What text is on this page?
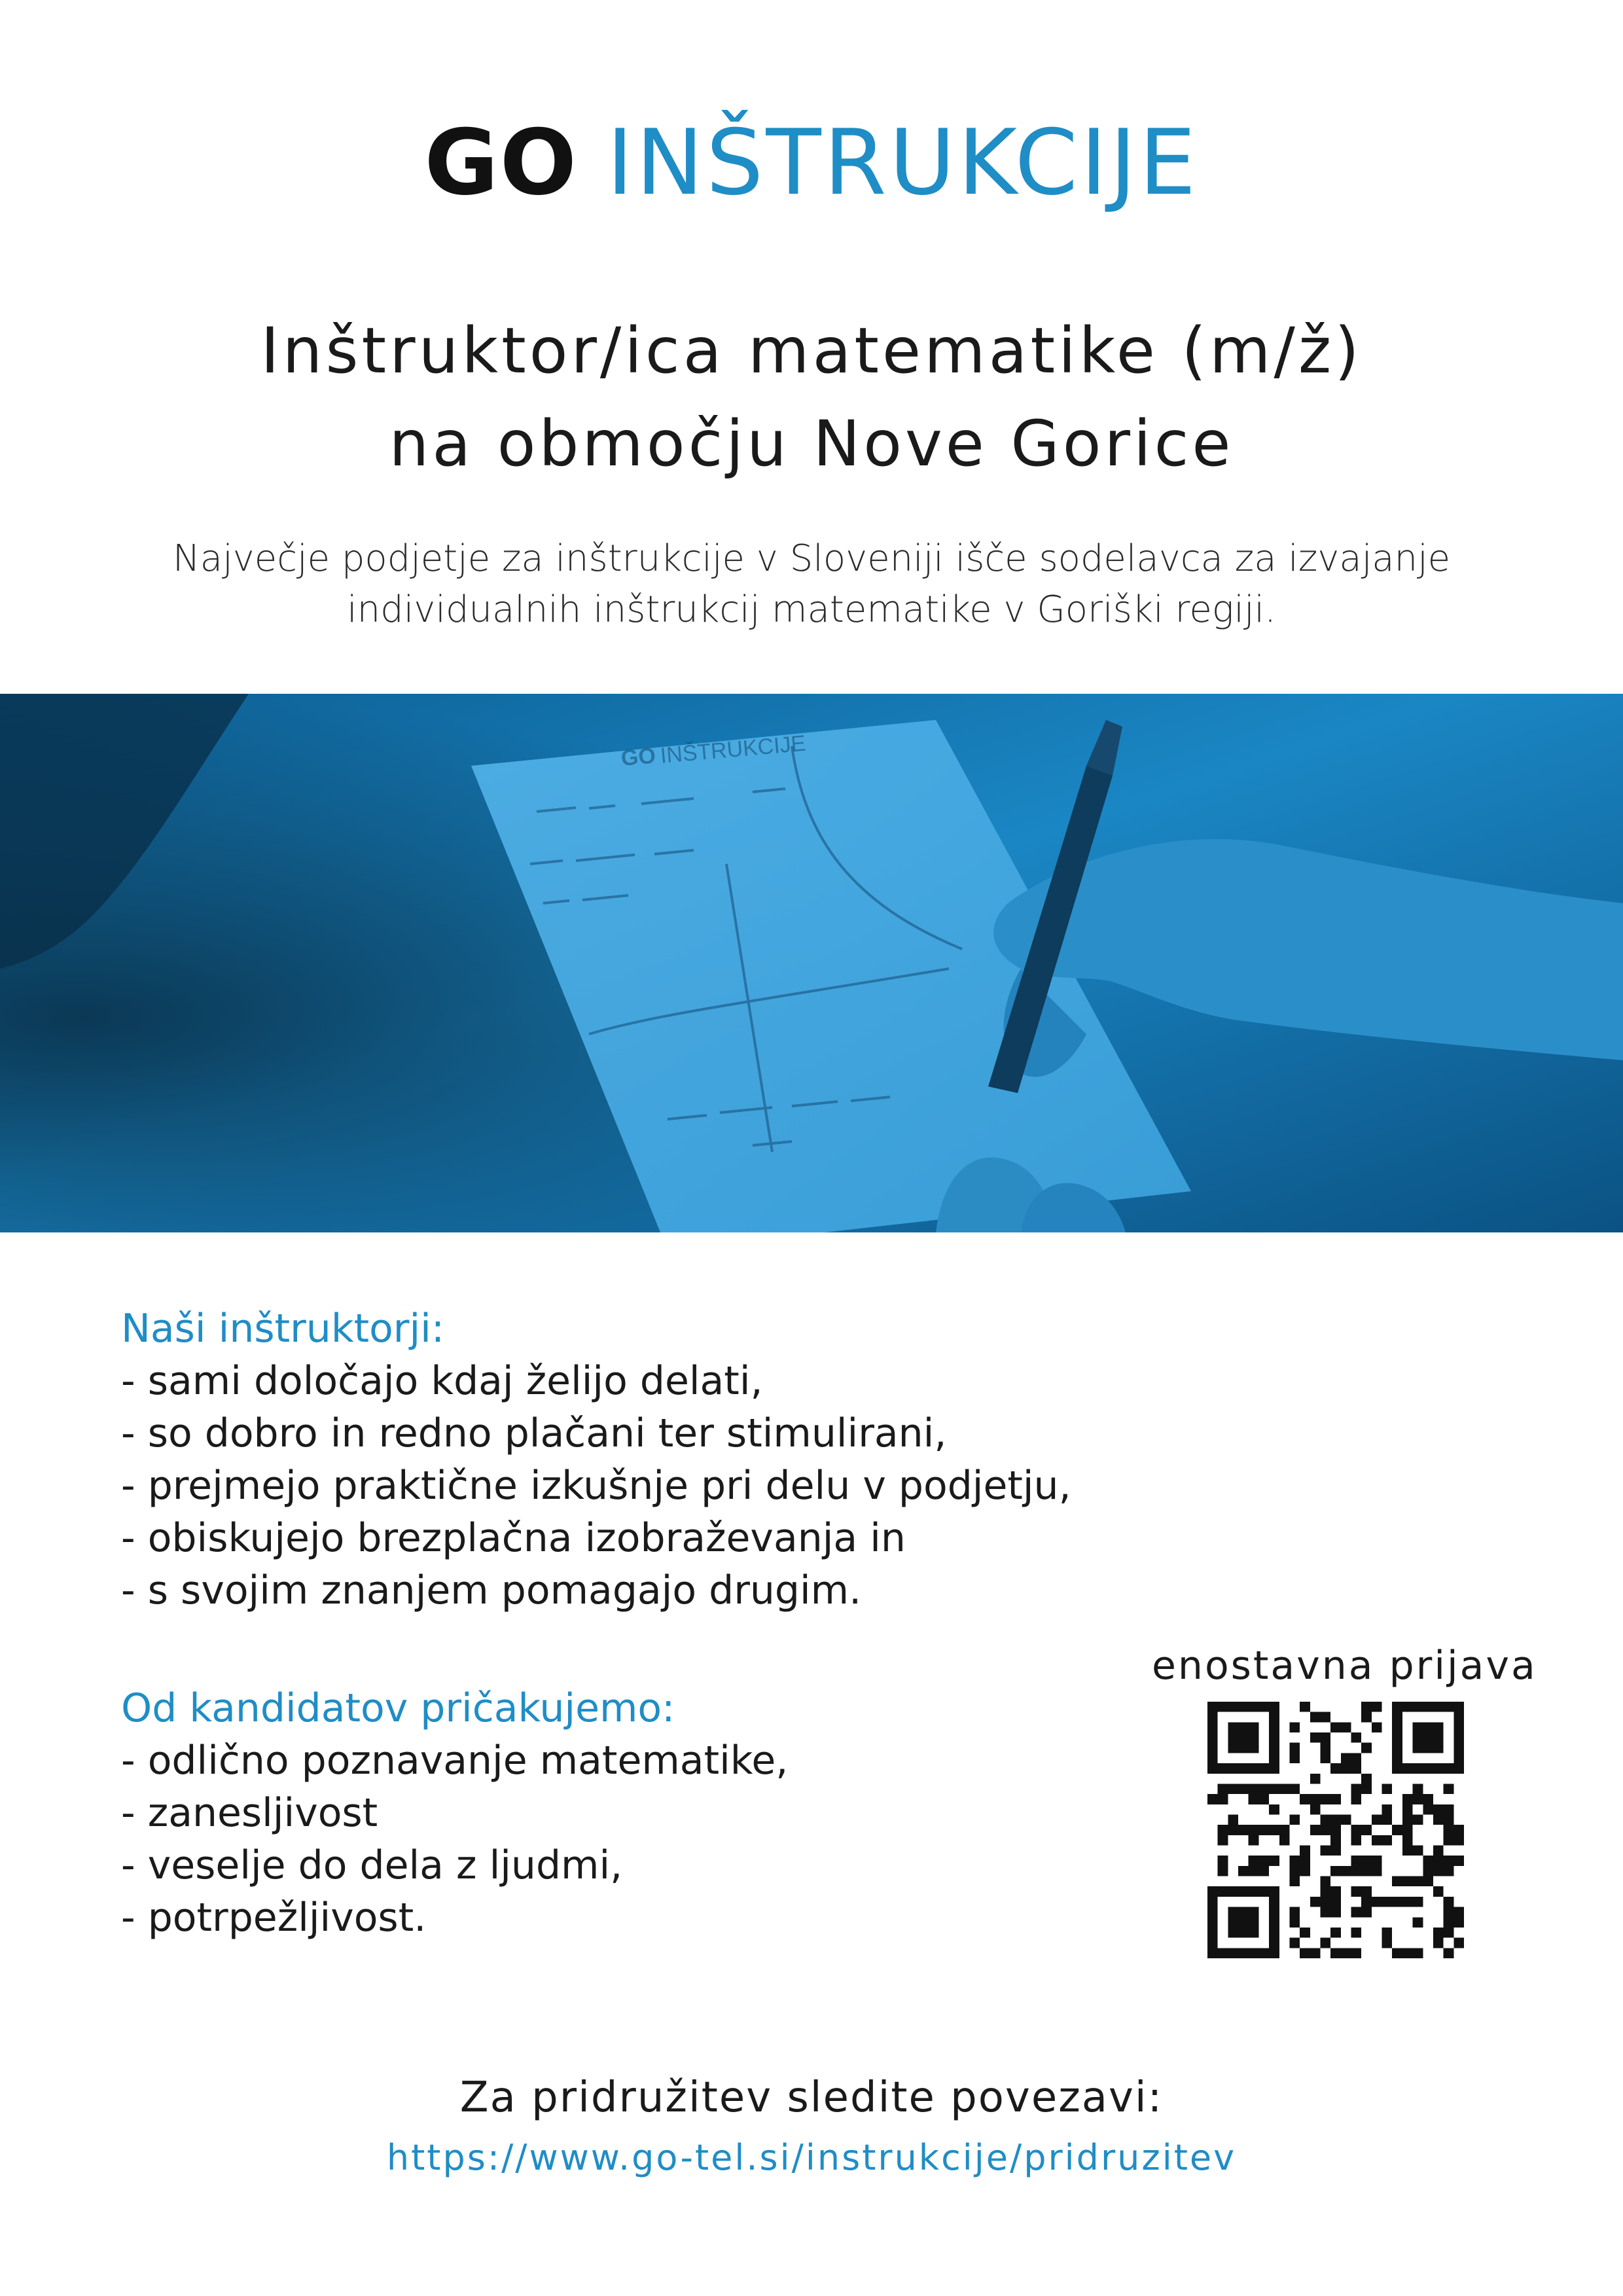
GO INŠTRUKCIJE
Inštruktor/ica matematike (m/ž)
na območju Nove Gorice
Največje podjetje za inštrukcije v Sloveniji išče sodelavca za izvajanje
individualnih inštrukcij matematike v Goriški regiji.
GO INŠTRUKCIJE
Naši inštruktorji:
- sami določajo kdaj želijo delati,
- so dobro in redno plačani ter stimulirani,
- prejmejo praktične izkušnje pri delu v podjetju,
- obiskujejo brezplačna izobraževanja in
- s svojim znanjem pomagajo drugim.
Od kandidatov pričakujemo:
- odlično poznavanje matematike,
- zanesljivost
- veselje do dela z ljudmi,
- potrpežljivost.
enostavna prijava
Za pridružitev sledite povezavi:
https://www.go-tel.si/instrukcije/pridruzitev
